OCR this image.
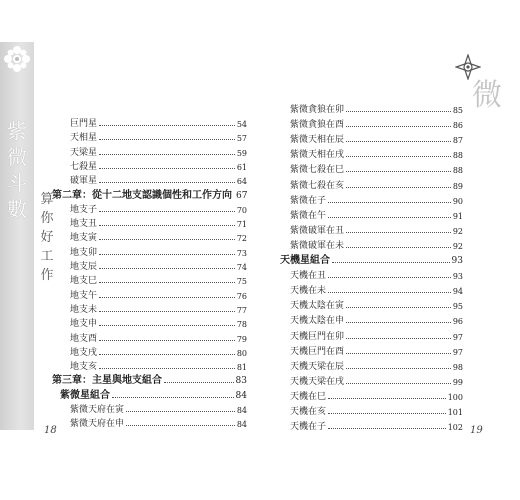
紫微斗數 算你好工作
微
巨門星	54
天相星	57
天梁星	59
七殺星	61
破軍星	64
第二章：從十二地支認識個性和工作方向 67
地支子	70
地支丑	71
地支寅	72
地支卯	73
地支辰	74
地支巳	75
地支午	76
地支未	77
地支申	78
地支酉	79
地支戌	80
地支亥	81
第三章：主星與地支組合	83
紫微星組合	84
紫微天府在寅	84
紫微天府在申	84
紫微貪狼在卯	85
紫微貪狼在酉	86
紫微天相在辰	87
紫微天相在戌	88
紫微七殺在巳	88
紫微七殺在亥	89
紫微在子	90
紫微在午	91
紫微破軍在丑	92
紫微破軍在未	92
天機星組合	93
天機在丑	93
天機在未	94
天機太陰在寅	95
天機太陰在申	96
天機巨門在卯	97
天機巨門在酉	97
天機天梁在辰	98
天機天梁在戌	99
天機在巳	100
天機在亥	101
天機在子	102
18	19
